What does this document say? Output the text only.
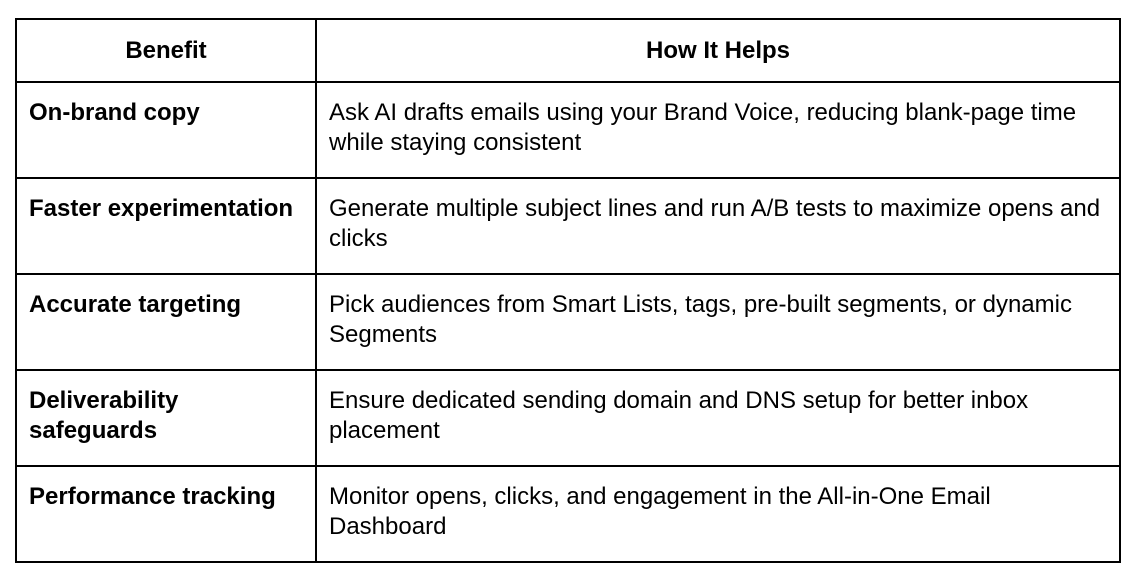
Benefit	How It Helps

On-brand copy	Ask AI drafts emails using your Brand Voice, reducing blank-page time while staying consistent

Faster experimentation	Generate multiple subject lines and run A/B tests to maximize opens and clicks

Accurate targeting	Pick audiences from Smart Lists, tags, pre-built segments, or dynamic Segments

Deliverability safeguards	Ensure dedicated sending domain and DNS setup for better inbox placement

Performance tracking	Monitor opens, clicks, and engagement in the All-in-One Email Dashboard
